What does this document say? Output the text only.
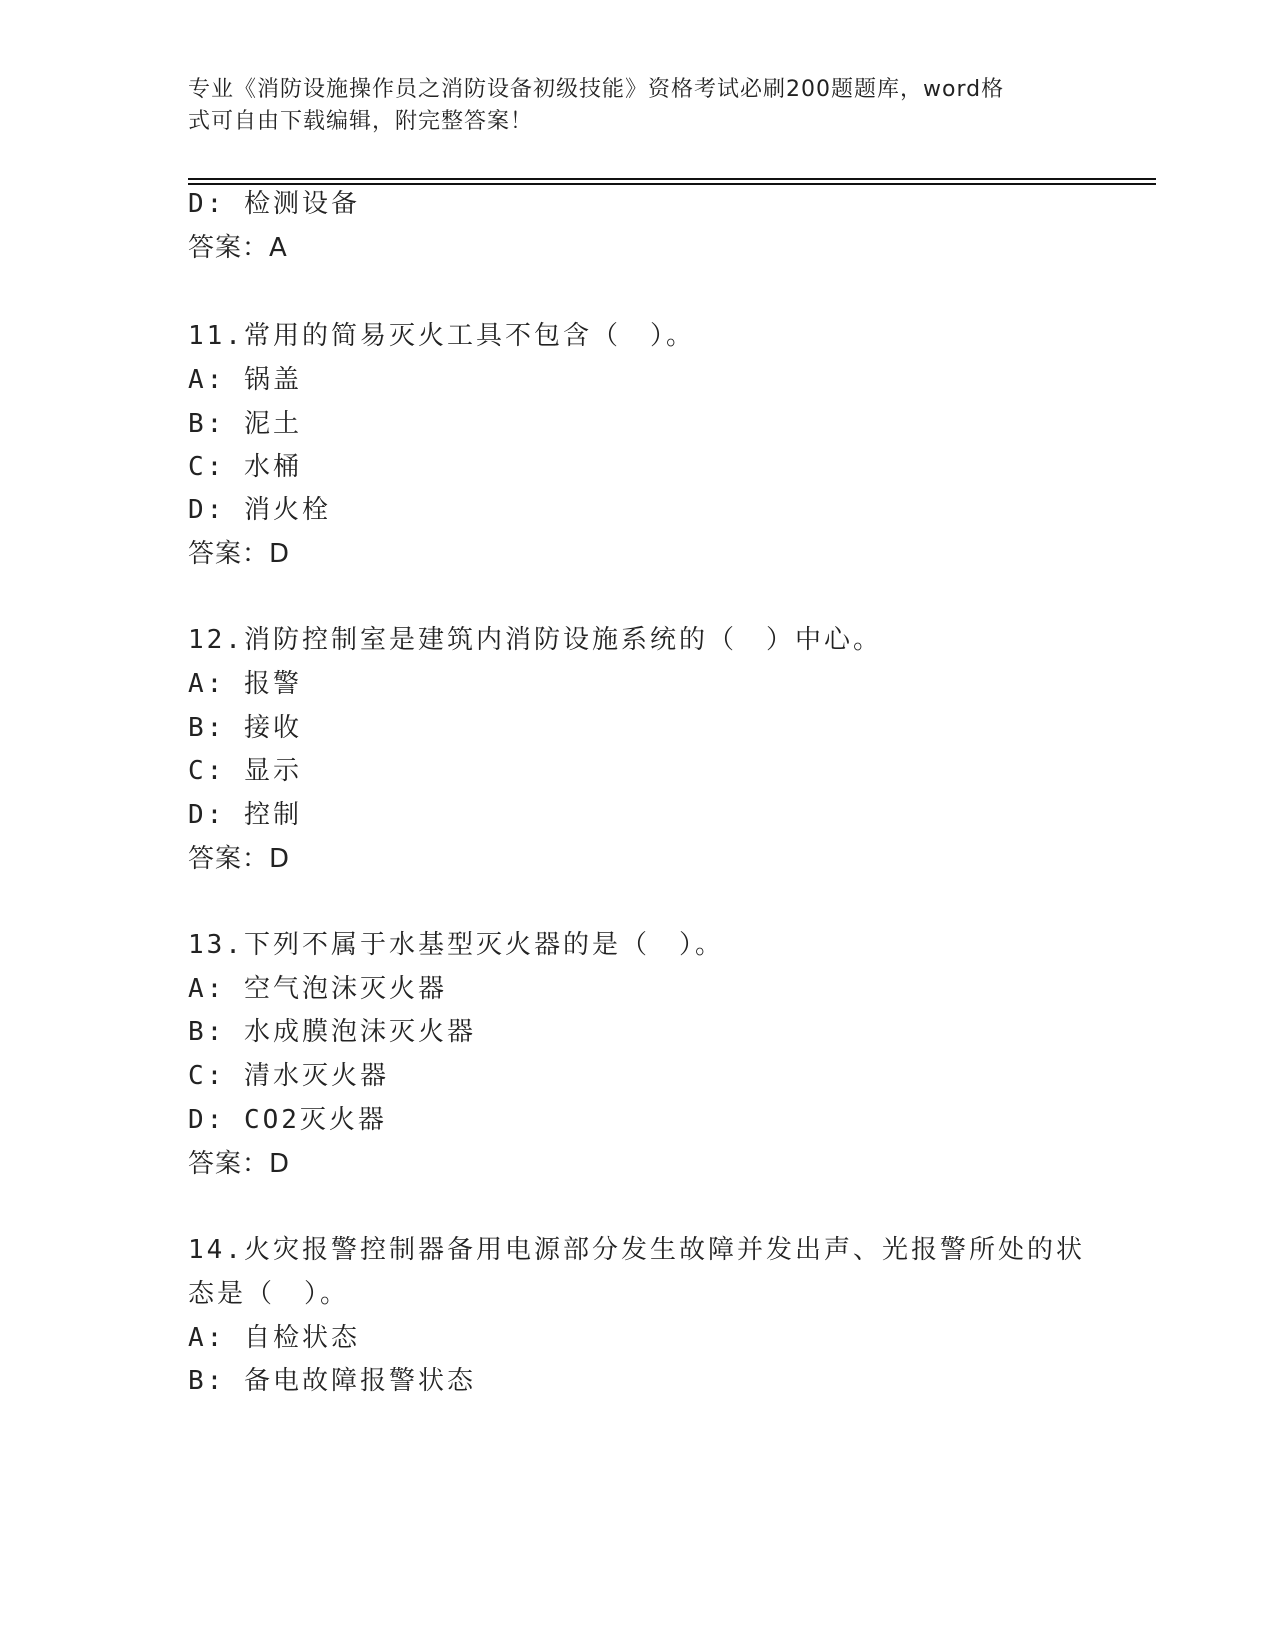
专业《消防设施操作员之消防设备初级技能》资格考试必刷200题题库，word格
式可自由下载编辑，附完整答案！
D: 检测设备
答案：A
11.常用的简易灭火工具不包含（　）。
A: 锅盖
B: 泥土
C: 水桶
D: 消火栓
答案：D
12.消防控制室是建筑内消防设施系统的（　）中心。
A: 报警
B: 接收
C: 显示
D: 控制
答案：D
13.下列不属于水基型灭火器的是（　）。
A: 空气泡沫灭火器
B: 水成膜泡沫灭火器
C: 清水灭火器
D: CO2灭火器
答案：D
14.火灾报警控制器备用电源部分发生故障并发出声、光报警所处的状
态是（　）。
A: 自检状态
B: 备电故障报警状态
